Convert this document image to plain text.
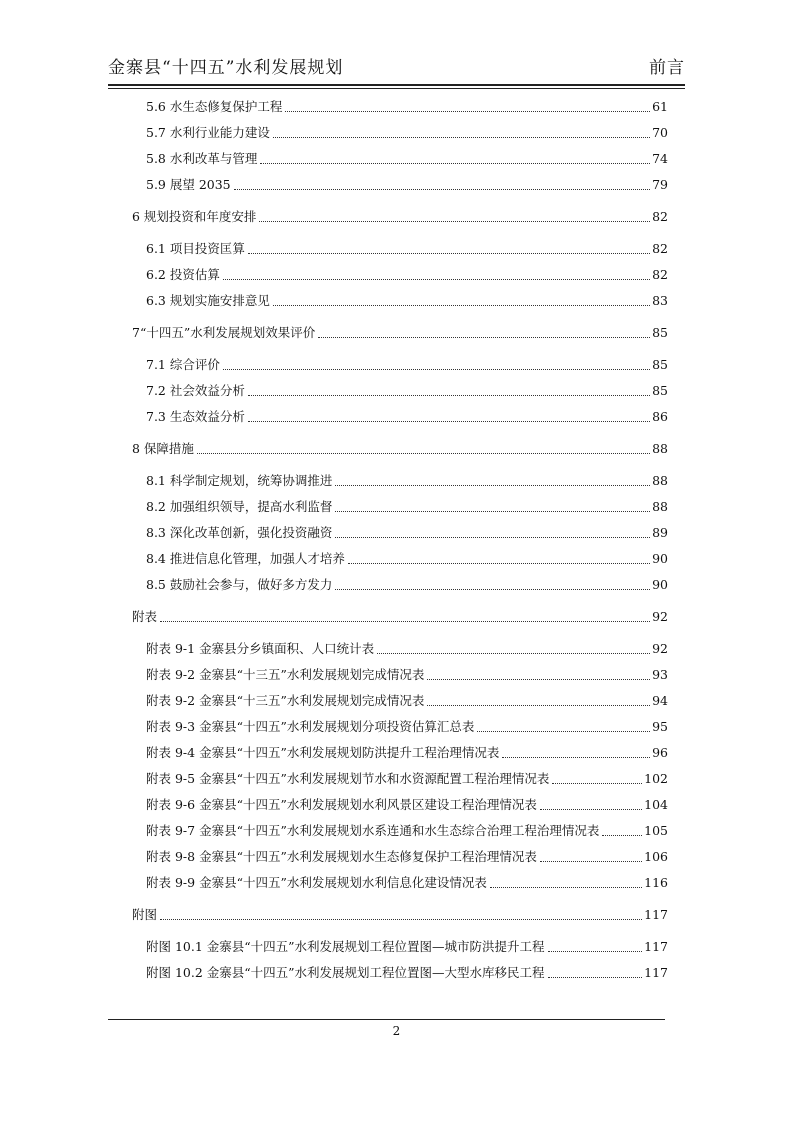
金寨县“十四五”水利发展规划	前言
5.6 水生态修复保护工程	61
5.7 水利行业能力建设	70
5.8 水利改革与管理	74
5.9 展望 2035	79
6 规划投资和年度安排	82
6.1 项目投资匡算	82
6.2 投资估算	82
6.3 规划实施安排意见	83
7“十四五”水利发展规划效果评价	85
7.1 综合评价	85
7.2 社会效益分析	85
7.3 生态效益分析	86
8 保障措施	88
8.1 科学制定规划，统筹协调推进	88
8.2 加强组织领导，提高水利监督	88
8.3 深化改革创新，强化投资融资	89
8.4 推进信息化管理，加强人才培养	90
8.5 鼓励社会参与，做好多方发力	90
附表	92
附表 9-1 金寨县分乡镇面积、人口统计表	92
附表 9-2 金寨县“十三五”水利发展规划完成情况表	93
附表 9-2 金寨县“十三五”水利发展规划完成情况表	94
附表 9-3 金寨县“十四五”水利发展规划分项投资估算汇总表	95
附表 9-4 金寨县“十四五”水利发展规划防洪提升工程治理情况表	96
附表 9-5 金寨县“十四五”水利发展规划节水和水资源配置工程治理情况表	102
附表 9-6 金寨县“十四五”水利发展规划水利风景区建设工程治理情况表	104
附表 9-7 金寨县“十四五”水利发展规划水系连通和水生态综合治理工程治理情况表	105
附表 9-8 金寨县“十四五”水利发展规划水生态修复保护工程治理情况表	106
附表 9-9 金寨县“十四五”水利发展规划水利信息化建设情况表	116
附图	117
附图 10.1 金寨县“十四五”水利发展规划工程位置图—城市防洪提升工程	117
附图 10.2 金寨县“十四五”水利发展规划工程位置图—大型水库移民工程	117
2
